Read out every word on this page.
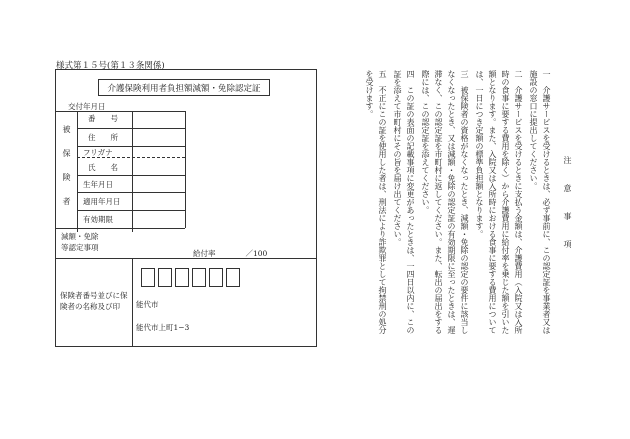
様式第１５号(第１３条関係)
介護保険利用者負担額減額・免除認定証
交付年月日
被保険者
番　　号
住　　所
フリガナ
氏　　名
生年月日
適用年月日
有効期限
減額・免除
等認定事項
給付率　　　　／100
保険者番号並びに保険者の名称及び印	能代市
能代市上町1−3
注　意　事　項
一　介護サービスを受けるときは、必ず事前に、この認定証を事業者又は施設の窓口に提出してください。
二　介護サービスを受けるときに支払う金額は、介護費用（入院又は入所時の食事に要する費用を除く）から介護費用に給付率を乗じた額を引いた額となります。また、入院又は入所時における食事に要する費用については、一日につき定額の標準負担額となります。
三　被保険者の資格がなくなったとき、減額・免除の認定の要件に該当しなくなったとき、又は減額・免除の認定証の有効期限に至ったときは、遅滞なく、この認定証を市町村に返してください。また、転出の届出をする際には、この認定証を添えてください。
四　この証の表面の記載事項に変更があったときは、一四日以内に、この証を添えて市町村にその旨を届け出てください。
五　不正にこの証を使用した者は、刑法により詐欺罪として拘禁刑の処分を受けます。
